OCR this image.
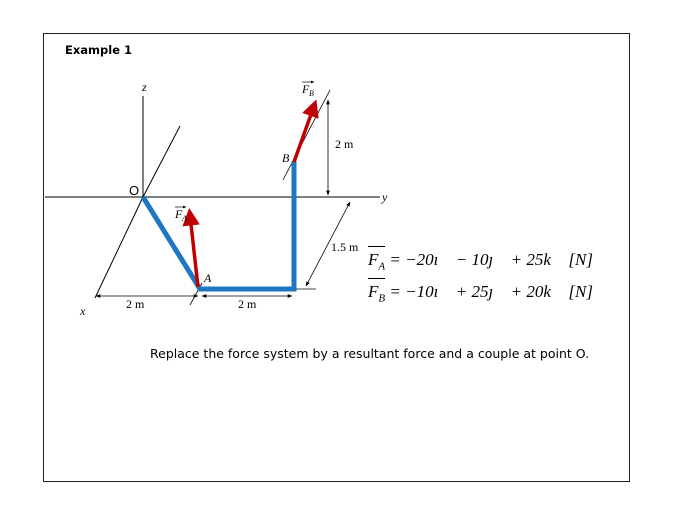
Example 1
z
y
x
O
A
B
F A
F B
2 m	2 m
1.5 m
2 m
$F_A$ = −20ı⃗ − 10ȷ⃗ + 25k⃗ [N]
$F_B$ = −10ı⃗ + 25ȷ⃗ + 20k⃗ [N]
Replace the force system by a resultant force and a couple at point O.
